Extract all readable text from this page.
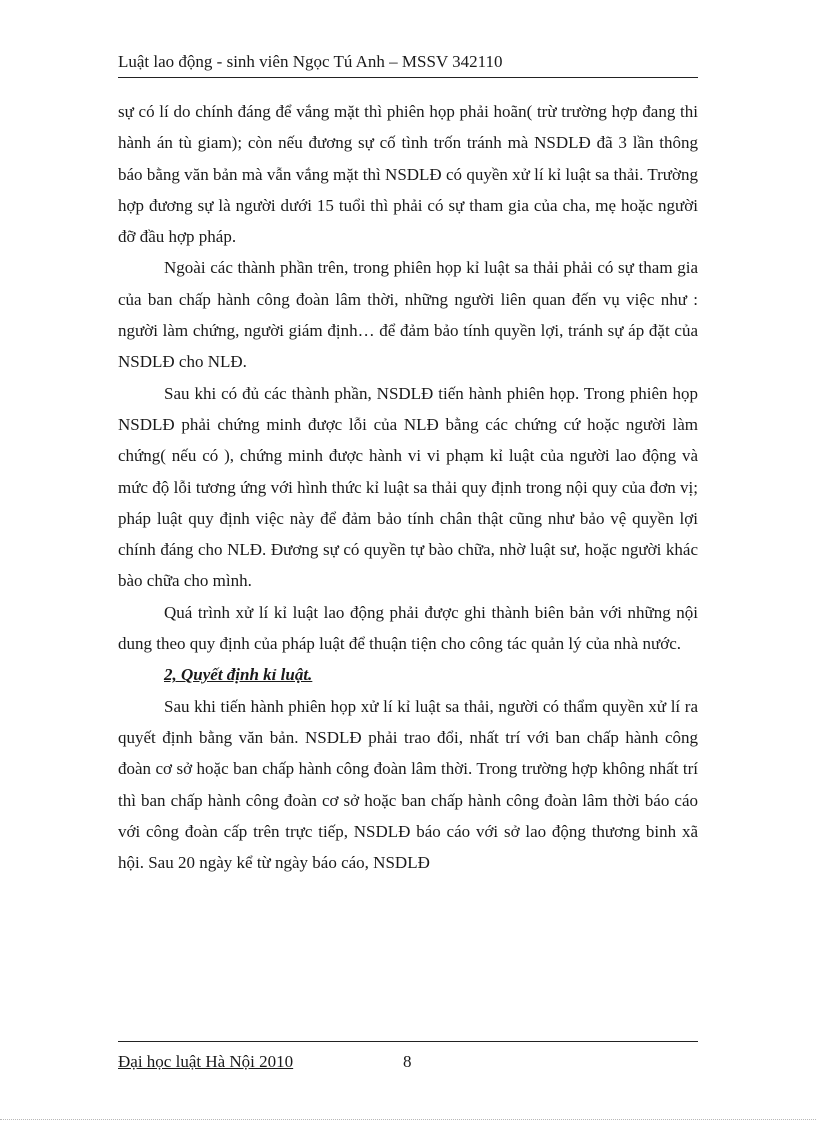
Luật lao động - sinh viên Ngọc Tú Anh – MSSV 342110

sự có lí do chính đáng để vắng mặt thì phiên họp phải hoãn( trừ trường hợp đang thi hành án tù giam); còn nếu đương sự cố tình trốn tránh mà NSDLĐ đã 3 lần thông báo bằng văn bản mà vẫn vắng mặt thì NSDLĐ có quyền xử lí kỉ luật sa thải. Trường hợp đương sự là người dưới 15 tuổi thì phải có sự tham gia của cha, mẹ hoặc người đỡ đầu hợp pháp.

Ngoài các thành phần trên, trong phiên họp kỉ luật sa thải phải có sự tham gia của ban chấp hành công đoàn lâm thời, những người liên quan đến vụ việc như : người làm chứng, người giám định… để đảm bảo tính quyền lợi, tránh sự áp đặt của NSDLĐ cho NLĐ.

Sau khi có đủ các thành phần, NSDLĐ tiến hành phiên họp. Trong phiên họp NSDLĐ phải chứng minh được lỗi của NLĐ bằng các chứng cứ hoặc người làm chứng( nếu có ), chứng minh được hành vi vi phạm kỉ luật của người lao động và mức độ lỗi tương ứng với hình thức kỉ luật sa thải quy định trong nội quy của đơn vị; pháp luật quy định việc này để đảm bảo tính chân thật cũng như bảo vệ quyền lợi chính đáng cho NLĐ. Đương sự có quyền tự bào chữa, nhờ luật sư, hoặc người khác bào chữa cho mình.

Quá trình xử lí kỉ luật lao động phải được ghi thành biên bản với những nội dung theo quy định của pháp luật để thuận tiện cho công tác quản lý của nhà nước.

2, Quyết định kỉ luật.

Sau khi tiến hành phiên họp xử lí kỉ luật sa thải, người có thẩm quyền xử lí ra quyết định bằng văn bản. NSDLĐ phải trao đổi, nhất trí với ban chấp hành công đoàn cơ sở hoặc ban chấp hành công đoàn lâm thời. Trong trường hợp không nhất trí thì ban chấp hành công đoàn cơ sở hoặc ban chấp hành công đoàn lâm thời báo cáo với công đoàn cấp trên trực tiếp, NSDLĐ báo cáo với sở lao động thương binh xã hội. Sau 20 ngày kể từ ngày báo cáo, NSDLĐ

Đại học luật Hà Nội 2010	8
